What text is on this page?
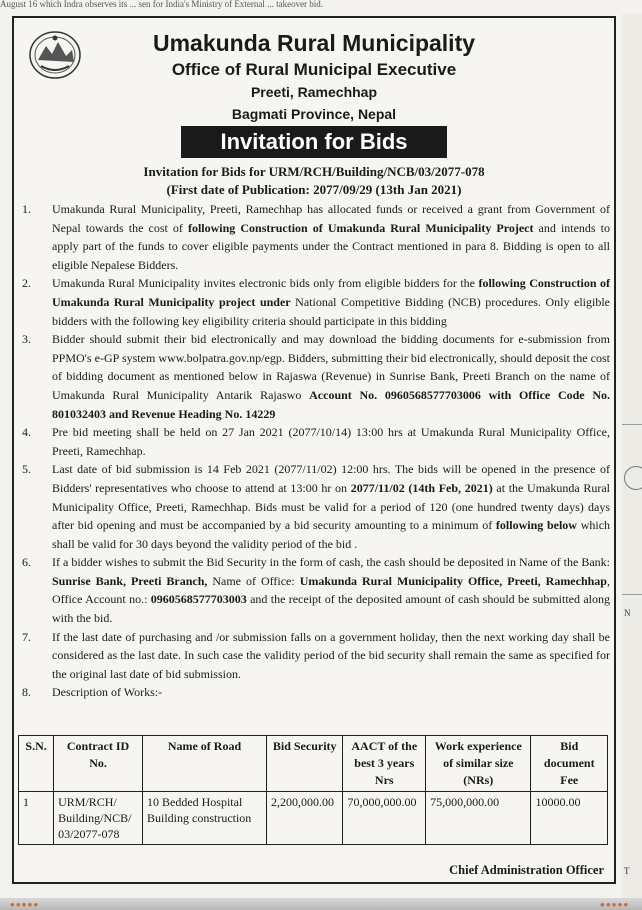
August 16 which Indra observes its ... sen for India's Ministry of External ... takeover bid.
N
T
Umakunda Rural Municipality
Office of Rural Municipal Executive
Preeti, Ramechhap
Bagmati Province, Nepal
Invitation for Bids
Invitation for Bids for URM/RCH/Building/NCB/03/2077-078
(First date of Publication: 2077/09/29 (13th Jan 2021)
1. Umakunda Rural Municipality, Preeti, Ramechhap has allocated funds or received a grant from Government of Nepal towards the cost of following Construction of Umakunda Rural Municipality Project and intends to apply part of the funds to cover eligible payments under the Contract mentioned in para 8. Bidding is open to all eligible Nepalese Bidders.
2. Umakunda Rural Municipality invites electronic bids only from eligible bidders for the following Construction of Umakunda Rural Municipality project under National Competitive Bidding (NCB) procedures. Only eligible bidders with the following key eligibility criteria should participate in this bidding
3. Bidder should submit their bid electronically and may download the bidding documents for e-submission from PPMO's e-GP system www.bolpatra.gov.np/egp. Bidders, submitting their bid electronically, should deposit the cost of bidding document as mentioned below in Rajaswa (Revenue) in Sunrise Bank, Preeti Branch on the name of Umakunda Rural Municipality Antarik Rajaswo Account No. 0960568577703006 with Office Code No. 801032403 and Revenue Heading No. 14229
4. Pre bid meeting shall be held on 27 Jan 2021 (2077/10/14) 13:00 hrs at Umakunda Rural Municipality Office, Preeti, Ramechhap.
5. Last date of bid submission is 14 Feb 2021 (2077/11/02) 12:00 hrs. The bids will be opened in the presence of Bidders' representatives who choose to attend at 13:00 hr on 2077/11/02 (14th Feb, 2021) at the Umakunda Rural Municipality Office, Preeti, Ramechhap. Bids must be valid for a period of 120 (one hundred twenty days) days after bid opening and must be accompanied by a bid security amounting to a minimum of following below which shall be valid for 30 days beyond the validity period of the bid .
6. If a bidder wishes to submit the Bid Security in the form of cash, the cash should be deposited in Name of the Bank: Sunrise Bank, Preeti Branch, Name of Office: Umakunda Rural Municipality Office, Preeti, Ramechhap, Office Account no.: 0960568577703003 and the receipt of the deposited amount of cash should be submitted along with the bid.
7. If the last date of purchasing and /or submission falls on a government holiday, then the next working day shall be considered as the last date. In such case the validity period of the bid security shall remain the same as specified for the original last date of bid submission.
8. Description of Works:-
S.N.	Contract ID No.	Name of Road	Bid Security	AACT of the best 3 years Nrs	Work experience of similar size (NRs)	Bid document Fee
1	URM/RCH/ Building/NCB/ 03/2077-078	10 Bedded Hospital Building construction	2,200,000.00	70,000,000.00	75,000,000.00	10000.00
Chief Administration Officer
●●●●●	●●●●●
